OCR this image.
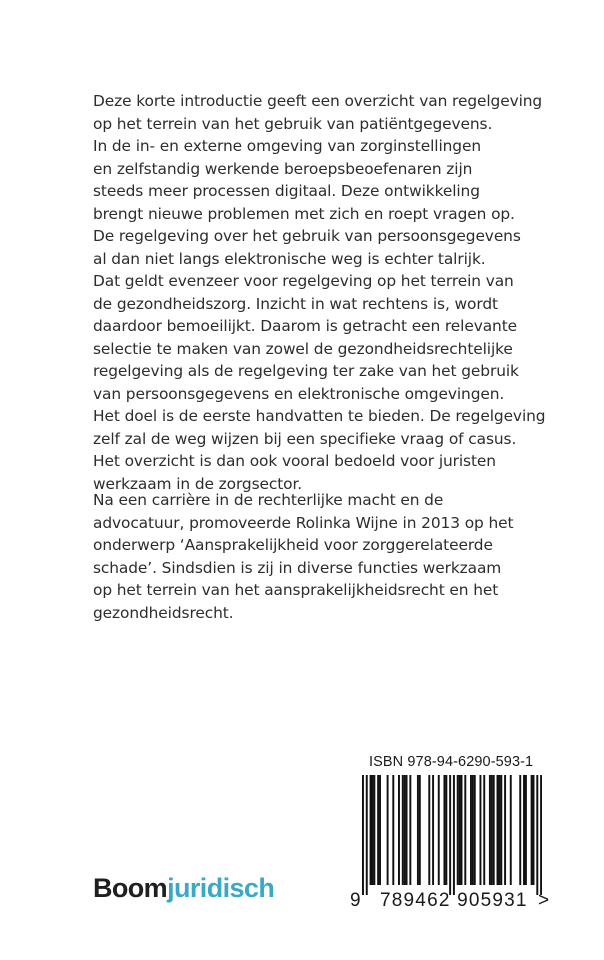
Deze korte introductie geeft een overzicht van regelgeving
op het terrein van het gebruik van patiëntgegevens.
In de in- en externe omgeving van zorginstellingen
en zelfstandig werkende beroepsbeoefenaren zijn
steeds meer processen digitaal. Deze ontwikkeling
brengt nieuwe problemen met zich en roept vragen op.
De regelgeving over het gebruik van persoonsgegevens
al dan niet langs elektronische weg is echter talrijk.
Dat geldt evenzeer voor regelgeving op het terrein van
de gezondheidszorg. Inzicht in wat rechtens is, wordt
daardoor bemoeilijkt. Daarom is getracht een relevante
selectie te maken van zowel de gezondheidsrechtelijke
regelgeving als de regelgeving ter zake van het gebruik
van persoonsgegevens en elektronische omgevingen.
Het doel is de eerste handvatten te bieden. De regelgeving
zelf zal de weg wijzen bij een specifieke vraag of casus.
Het overzicht is dan ook vooral bedoeld voor juristen
werkzaam in de zorgsector.
Na een carrière in de rechterlijke macht en de
advocatuur, promoveerde Rolinka Wijne in 2013 op het
onderwerp ‘Aansprakelijkheid voor zorggerelateerde
schade’. Sindsdien is zij in diverse functies werkzaam
op het terrein van het aansprakelijkheidsrecht en het
gezondheidsrecht.
ISBN 978-94-6290-593-1
9 789462 905931 >
Boomjuridisch
